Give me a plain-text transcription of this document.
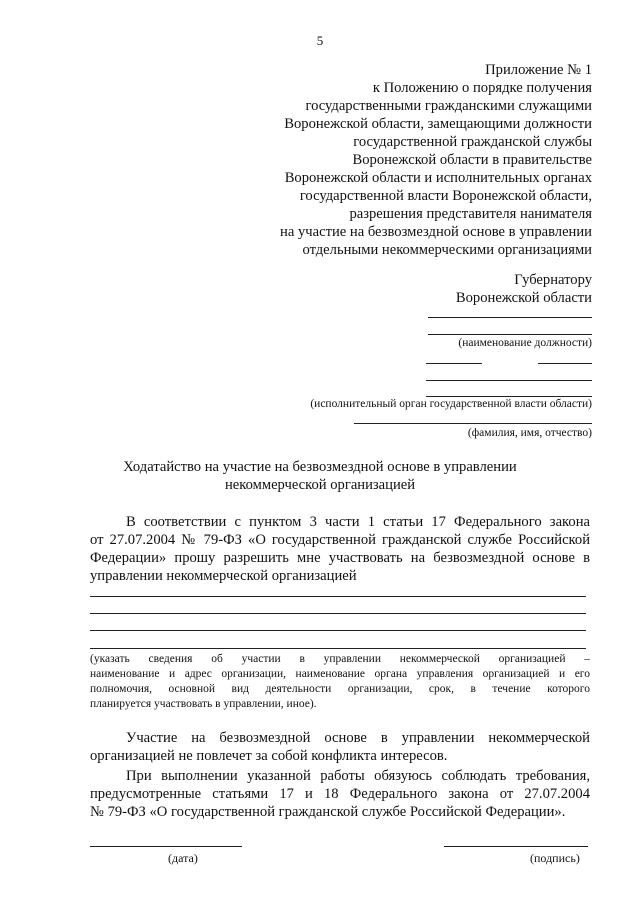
5
Приложение № 1
к Положению о порядке получения
государственными гражданскими служащими
Воронежской области, замещающими должности
государственной гражданской службы
Воронежской области в правительстве
Воронежской области и исполнительных органах
государственной власти Воронежской области,
разрешения представителя нанимателя
на участие на безвозмездной основе в управлении
отдельными некоммерческими организациями
Губернатору
Воронежской области
(наименование должности)
(исполнительный орган государственной власти области)
(фамилия, имя, отчество)
Ходатайство на участие на безвозмездной основе в управлении
некоммерческой организацией
В соответствии с пунктом 3 части 1 статьи 17 Федерального закона
от 27.07.2004 № 79-ФЗ «О государственной гражданской службе Российской
Федерации» прошу разрешить мне участвовать на безвозмездной основе в
управлении некоммерческой организацией
(указать сведения об участии в управлении некоммерческой организацией –
наименование и адрес организации, наименование органа управления организацией и его
полномочия, основной вид деятельности организации, срок, в течение которого
планируется участвовать в управлении, иное).
Участие на безвозмездной основе в управлении некоммерческой
организацией не повлечет за собой конфликта интересов.
При выполнении указанной работы обязуюсь соблюдать требования,
предусмотренные статьями 17 и 18 Федерального закона от 27.07.2004
№ 79-ФЗ «О государственной гражданской службе Российской Федерации».
(дата)	(подпись)
